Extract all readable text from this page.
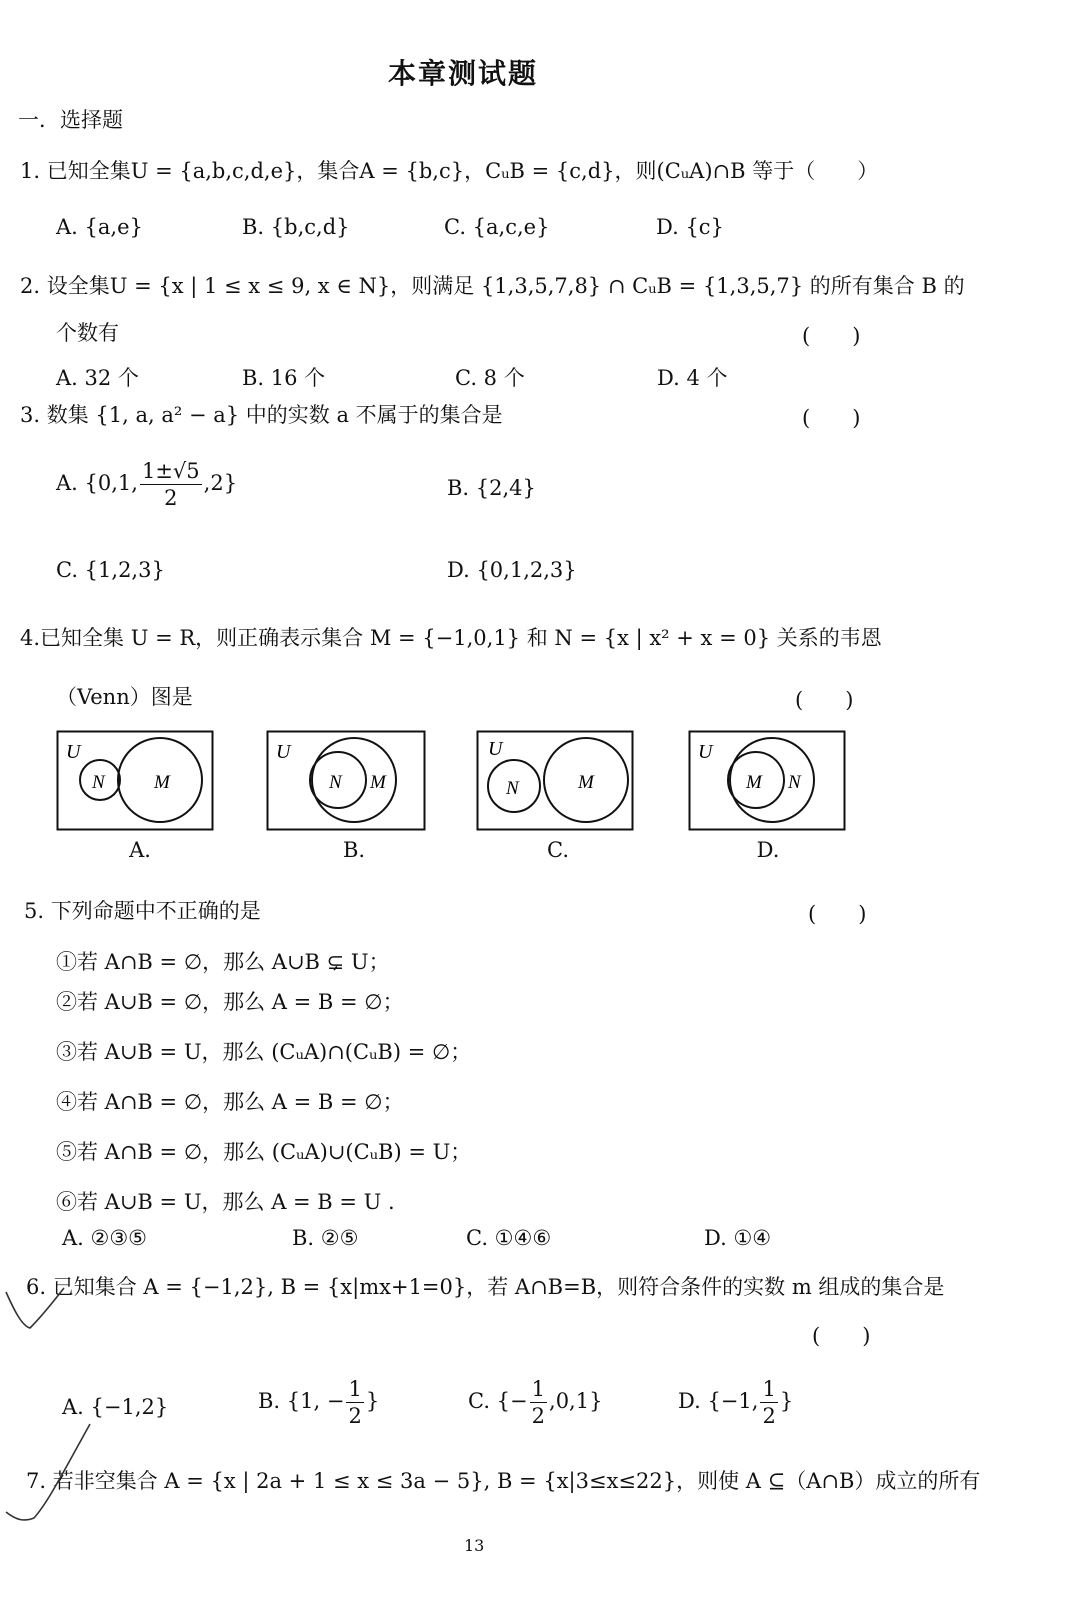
本章测试题
一．选择题
1. 已知全集U = {a,b,c,d,e}，集合A = {b,c}，CᵤB = {c,d}，则(CᵤA)∩B 等于（　　）
A. {a,e}	B. {b,c,d}	C. {a,c,e}	D. {c}
2. 设全集U = {x | 1 ≤ x ≤ 9, x ∈ N}，则满足 {1,3,5,7,8} ∩ CᵤB = {1,3,5,7} 的所有集合 B 的
个数有	(　　)
A. 32 个	B. 16 个	C. 8 个	D. 4 个
3. 数集 {1, a, a² − a} 中的实数 a 不属于的集合是	(　　)
A. {0,1, $\frac{1\pm√5}{2} ,2$}	B. {2,4}
C. {1,2,3}	D. {0,1,2,3}
4.已知全集 U = R，则正确表示集合 M = {−1,0,1} 和 N = {x | x² + x = 0} 关系的韦恩
（Venn）图是	(　　)
U
N	M
A.
U
N M
B.
U
N	M
C.
U
M N
D.
5. 下列命题中不正确的是	(　　)
①若 A∩B = ∅，那么 A∪B ⊊ U；
②若 A∪B = ∅，那么 A = B = ∅；
③若 A∪B = U，那么 (CᵤA)∩(CᵤB) = ∅；
④若 A∩B = ∅，那么 A = B = ∅；
⑤若 A∩B = ∅，那么 (CᵤA)∪(CᵤB) = U；
⑥若 A∪B = U，那么 A = B = U .
A. ②③⑤	B. ②⑤	C. ①④⑥	D. ①④
6. 已知集合 A = {−1,2}, B = {x|mx+1=0}，若 A∩B=B，则符合条件的实数 m 组成的集合是
(　　)
A. {−1,2}	B. {1, − $\frac{1}{2}$ }	C. {− $\frac{1}{2} ,0,1$}	D. {−1, $\frac{1}{2}$ }
7. 若非空集合 A = {x | 2a + 1 ≤ x ≤ 3a − 5}, B = {x|3≤x≤22}，则使 A ⊆（A∩B）成立的所有
13
